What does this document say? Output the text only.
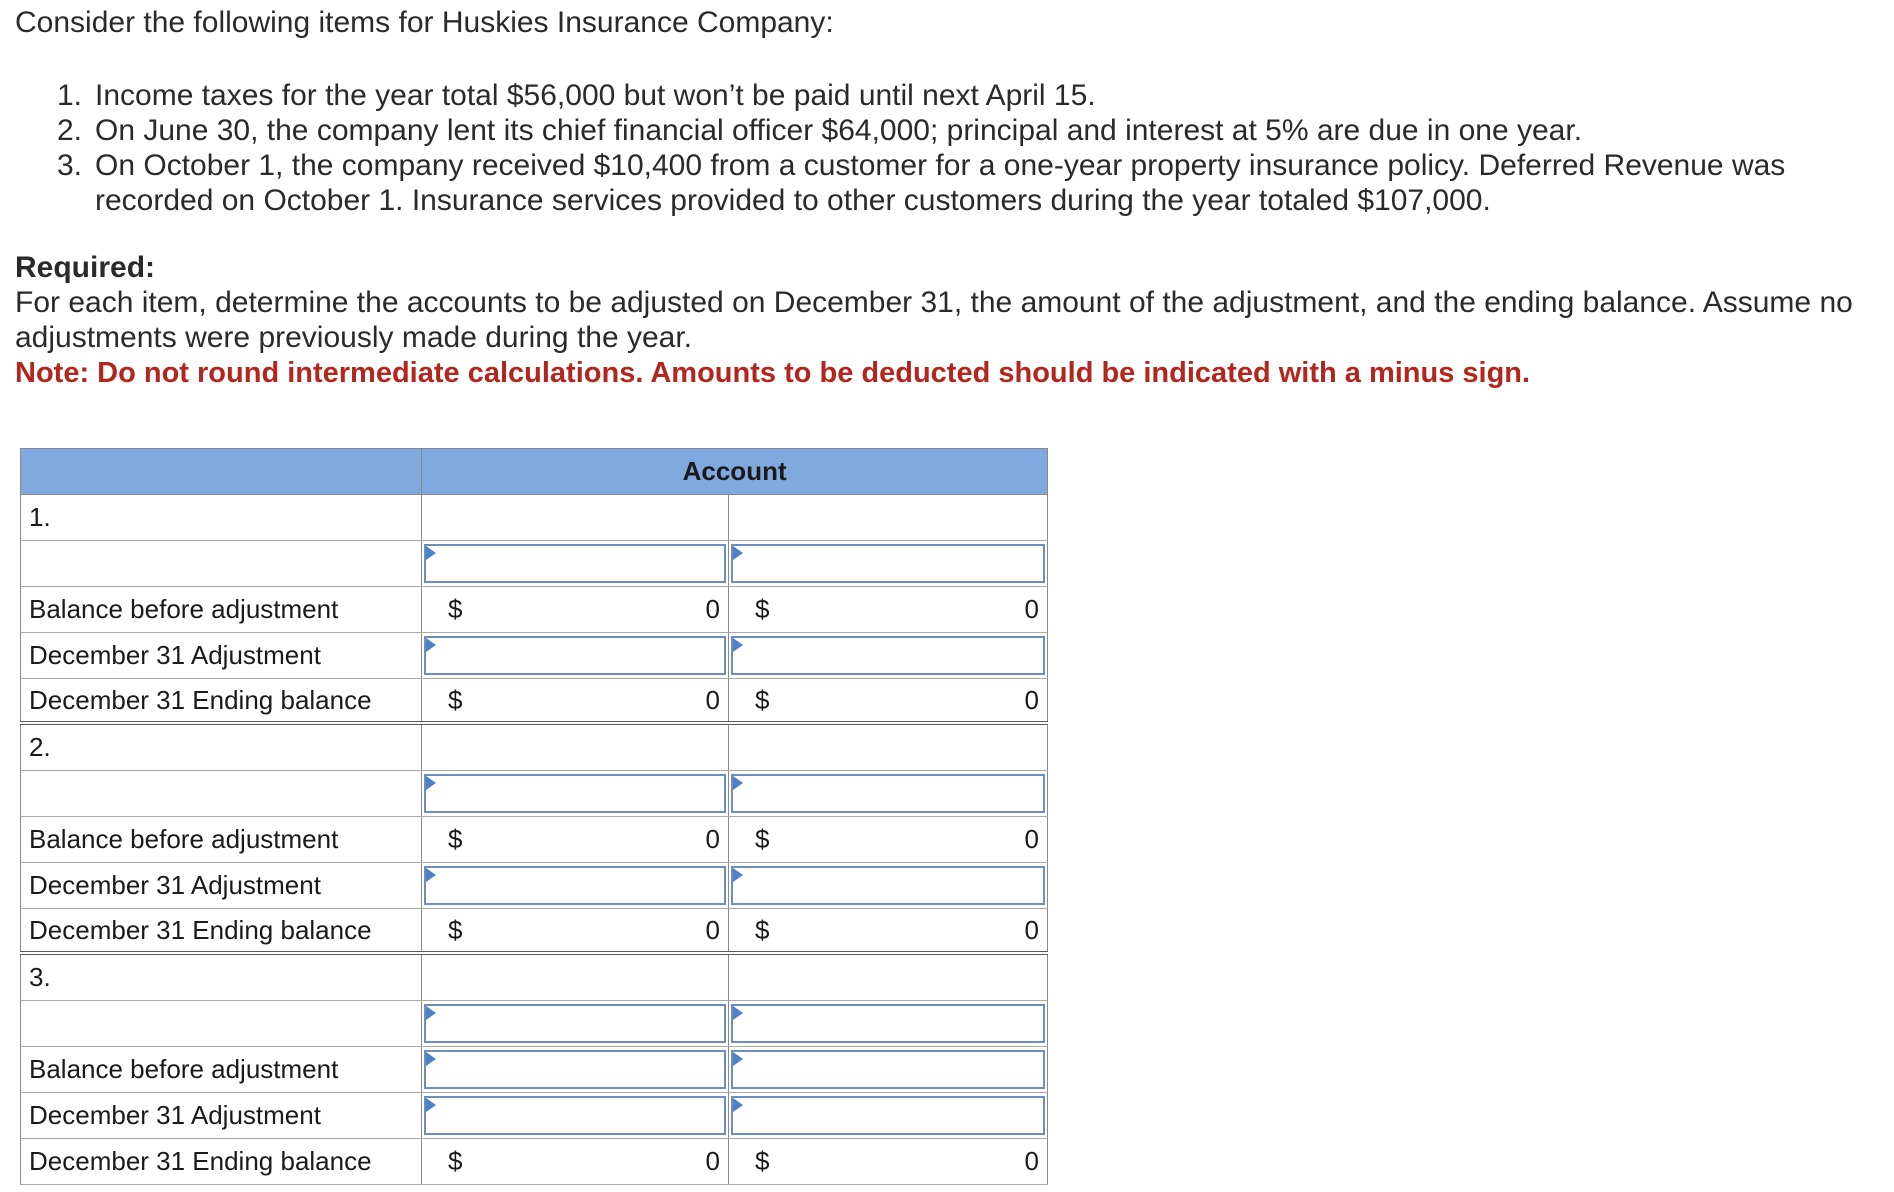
Consider the following items for Huskies Insurance Company:
1. Income taxes for the year total $56,000 but won’t be paid until next April 15.
2. On June 30, the company lent its chief financial officer $64,000; principal and interest at 5% are due in one year.
3. On October 1, the company received $10,400 from a customer for a one-year property insurance policy. Deferred Revenue was recorded on October 1. Insurance services provided to other customers during the year totaled $107,000.
Required:
For each item, determine the accounts to be adjusted on December 31, the amount of the adjustment, and the ending balance. Assume no adjustments were previously made during the year.
Note: Do not round intermediate calculations. Amounts to be deducted should be indicated with a minus sign.
Account
1.
Balance before adjustment	$	0 $	0
December 31 Adjustment
December 31 Ending balance	$	0 $	0
2.
Balance before adjustment	$	0 $	0
December 31 Adjustment
December 31 Ending balance	$	0 $	0
3.
Balance before adjustment
December 31 Adjustment
December 31 Ending balance	$	0 $	0
